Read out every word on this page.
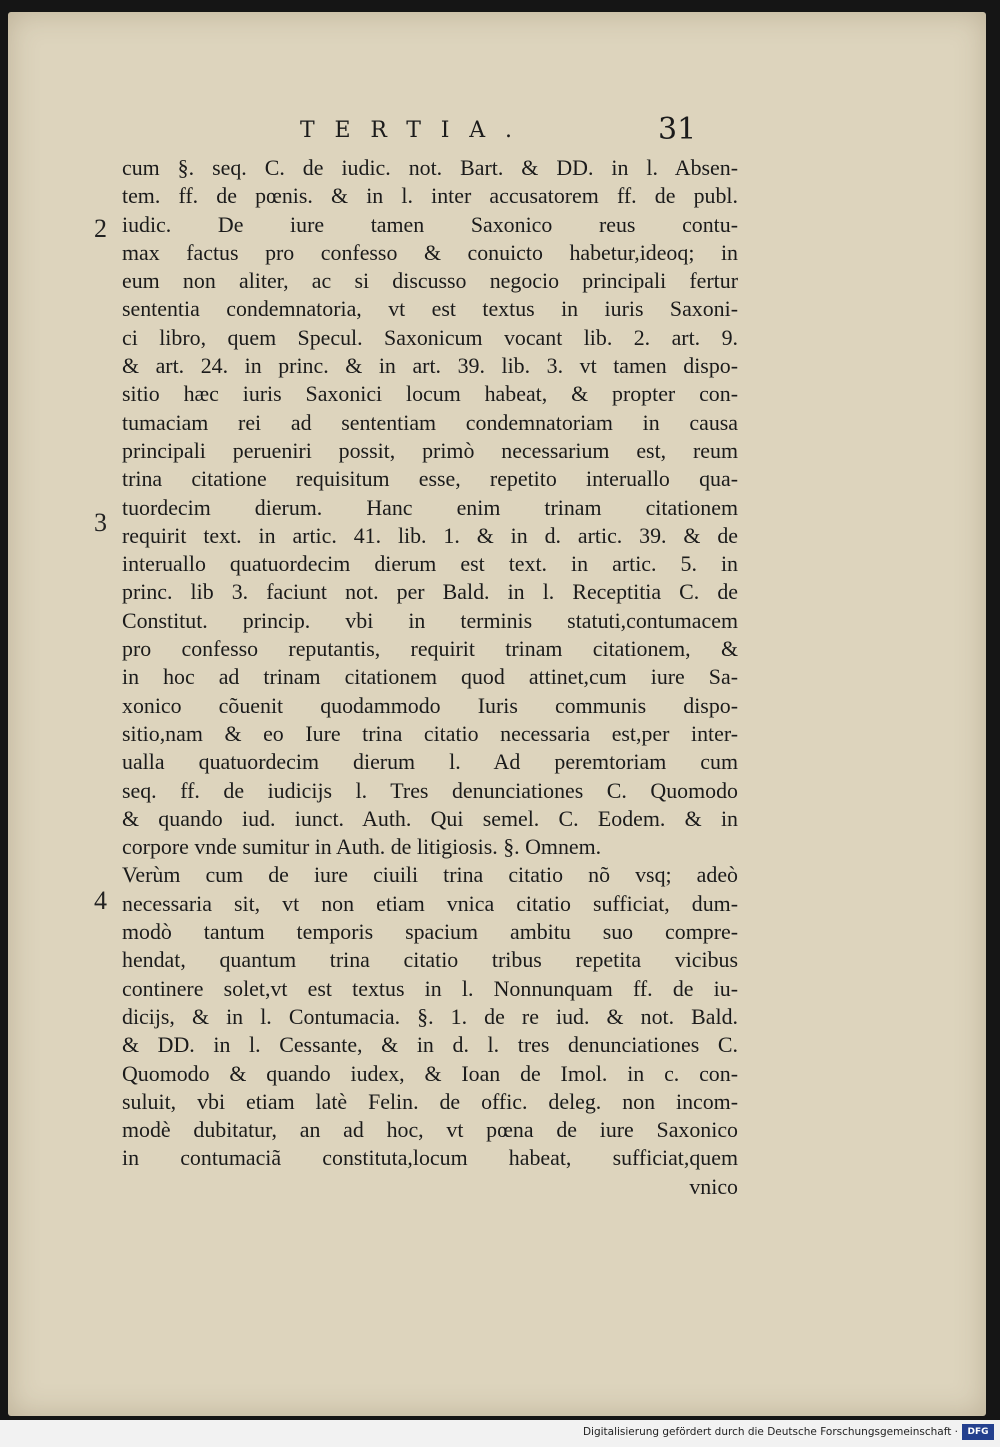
TERTIA.	31
2
3
4
cum §. seq. C. de iudic. not. Bart. & DD. in l. Absen-
tem. ff. de pœnis. & in l. inter accusatorem ff. de publ.
iudic. De iure tamen Saxonico reus contu-
max factus pro confesso & conuicto habetur,ideoq; in
eum non aliter, ac si discusso negocio principali fertur
sententia condemnatoria, vt est textus in iuris Saxoni-
ci libro, quem Specul. Saxonicum vocant lib. 2. art. 9.
& art. 24. in princ. & in art. 39. lib. 3. vt tamen dispo-
sitio hæc iuris Saxonici locum habeat, & propter con-
tumaciam rei ad sententiam condemnatoriam in causa
principali perueniri possit, primò necessarium est, reum
trina citatione requisitum esse, repetito interuallo qua-
tuordecim dierum. Hanc enim trinam citationem
requirit text. in artic. 41. lib. 1. & in d. artic. 39. & de
interuallo quatuordecim dierum est text. in artic. 5. in
princ. lib 3. faciunt not. per Bald. in l. Receptitia C. de
Constitut. princip. vbi in terminis statuti,contumacem
pro confesso reputantis, requirit trinam citationem, &
in hoc ad trinam citationem quod attinet,cum iure Sa-
xonico cõuenit quodammodo Iuris communis dispo-
sitio,nam & eo Iure trina citatio necessaria est,per inter-
ualla quatuordecim dierum l. Ad peremtoriam cum
seq. ff. de iudicijs l. Tres denunciationes C. Quomodo
& quando iud. iunct. Auth. Qui semel. C. Eodem. & in
corpore vnde sumitur in Auth. de litigiosis. §. Omnem.
Verùm cum de iure ciuili trina citatio nõ vsq; adeò
necessaria sit, vt non etiam vnica citatio sufficiat, dum-
modò tantum temporis spacium ambitu suo compre-
hendat, quantum trina citatio tribus repetita vicibus
continere solet,vt est textus in l. Nonnunquam ff. de iu-
dicijs, & in l. Contumacia. §. 1. de re iud. & not. Bald.
& DD. in l. Cessante, & in d. l. tres denunciationes C.
Quomodo & quando iudex, & Ioan de Imol. in c. con-
suluit, vbi etiam latè Felin. de offic. deleg. non incom-
modè dubitatur, an ad hoc, vt pœna de iure Saxonico
in contumaciã constituta,locum habeat, sufficiat,quem
vnico
Digitalisierung gefördert durch die Deutsche Forschungsgemeinschaft ·	DFG
